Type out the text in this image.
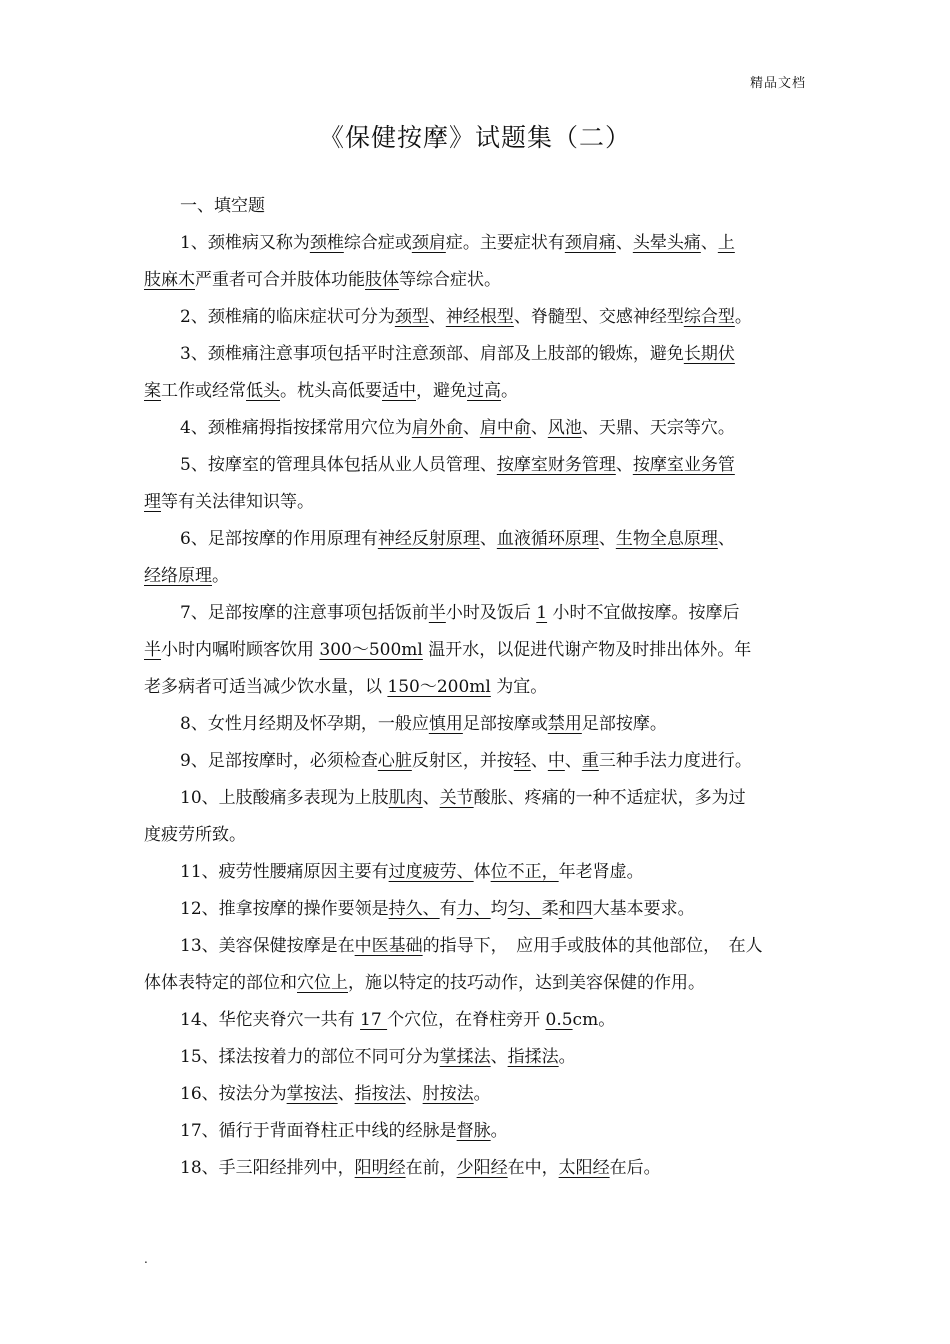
精品文档
《保健按摩》试题集（二）
一、填空题
1、颈椎病又称为颈椎综合症或颈肩症。主要症状有颈肩痛、头晕头痛、上
肢麻木严重者可合并肢体功能肢体等综合症状。
2、颈椎痛的临床症状可分为颈型、神经根型、脊髓型、交感神经型综合型。
3、颈椎痛注意事项包括平时注意颈部、肩部及上肢部的锻炼，避免长期伏
案工作或经常低头。枕头高低要适中，避免过高。
4、颈椎痛拇指按揉常用穴位为肩外俞、肩中俞、风池、天鼎、天宗等穴。
5、按摩室的管理具体包括从业人员管理、按摩室财务管理、按摩室业务管
理等有关法律知识等。
6、足部按摩的作用原理有神经反射原理、血液循环原理、生物全息原理、
经络原理。
7、足部按摩的注意事项包括饭前半小时及饭后 1 小时不宜做按摩。按摩后
半小时内嘱咐顾客饮用 300～500ml 温开水，以促进代谢产物及时排出体外。年
老多病者可适当减少饮水量，以 150～200ml 为宜。
8、女性月经期及怀孕期，一般应慎用足部按摩或禁用足部按摩。
9、足部按摩时，必须检查心脏反射区，并按轻、中、重三种手法力度进行。
10、上肢酸痛多表现为上肢肌肉、关节酸胀、疼痛的一种不适症状，多为过
度疲劳所致。
11、疲劳性腰痛原因主要有过度疲劳、体位不正，年老肾虚。
12、推拿按摩的操作要领是持久、有力、均匀、柔和四大基本要求。
13、美容保健按摩是在中医基础的指导下，　应用手或肢体的其他部位，　在人
体体表特定的部位和穴位上，施以特定的技巧动作，达到美容保健的作用。
14、华佗夹脊穴一共有 17 个穴位，在脊柱旁开 0.5cm。
15、揉法按着力的部位不同可分为掌揉法、指揉法。
16、按法分为掌按法、指按法、肘按法。
17、循行于背面脊柱正中线的经脉是督脉。
18、手三阳经排列中，阳明经在前，少阳经在中，太阳经在后。
.
